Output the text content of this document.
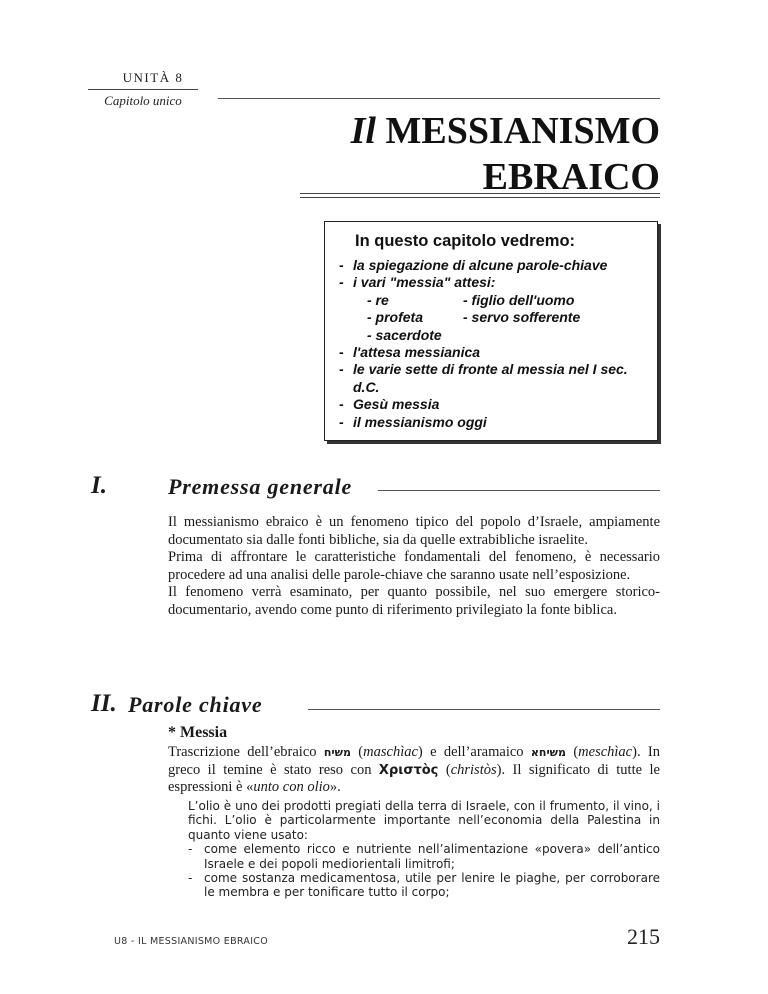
UNITÀ 8
Capitolo unico
Il MESSIANISMO
EBRAICO
In questo capitolo vedremo:
- la spiegazione di alcune parole-chiave
- i vari "messia" attesi:
- re	- figlio dell'uomo
- profeta	- servo sofferente
- sacerdote
- l'attesa messianica
- le varie sette di fronte al messia nel I sec. d.C.
- Gesù messia
- il messianismo oggi
I.	Premessa generale

Il messianismo ebraico è un fenomeno tipico del popolo d’Israele, ampiamente documentato sia dalle fonti bibliche, sia da quelle extrabibliche israelite.

Prima di affrontare le caratteristiche fondamentali del fenomeno, è necessario procedere ad una analisi delle parole-chiave che saranno usate nell’esposizione.

Il fenomeno verrà esaminato, per quanto possibile, nel suo emergere storico-documentario, avendo come punto di riferimento privilegiato la fonte biblica.

II. Parole chiave
* Messia
Trascrizione dell’ebraico משיח (maschìac) e dell’aramaico משיחא (meschìac). In greco il temine è stato reso con Χριστὸς (christòs). Il significato di tutte le espressioni è «unto con olio».

L’olio è uno dei prodotti pregiati della terra di Israele, con il frumento, il vino, i fichi. L’olio è particolarmente importante nell’economia della Palestina in quanto viene usato:

- come elemento ricco e nutriente nell’alimentazione «povera» dell’antico Israele e dei popoli mediorientali limitrofi;

- come sostanza medicamentosa, utile per lenire le piaghe, per corroborare le membra e per tonificare tutto il corpo;

U8 - IL MESSIANISMO EBRAICO	215
